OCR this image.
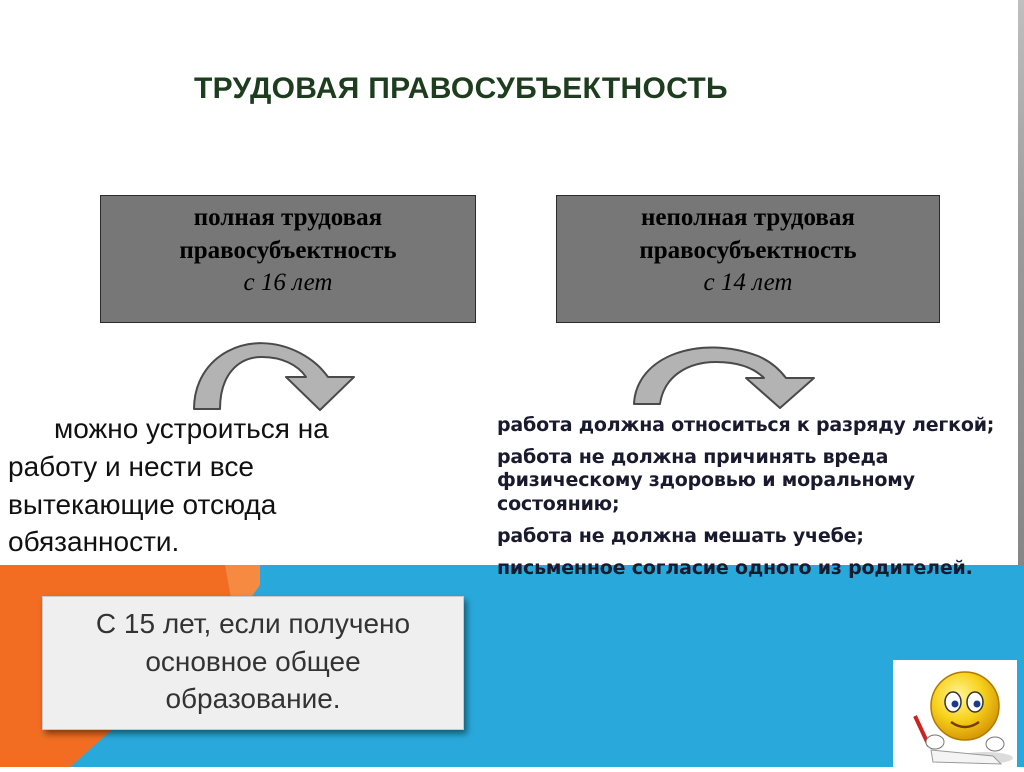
ТРУДОВАЯ ПРАВОСУБЪЕКТНОСТЬ
полная трудовая
правосубъектность
с 16 лет
неполная трудовая
правосубъектность
с 14 лет
можно устроиться на
работу и нести все
вытекающие отсюда
обязанности.

работа должна относиться к разряду легкой;

работа не должна причинять вреда физическому здоровью и моральному состоянию;

работа не должна мешать учебе;

письменное согласие одного из родителей.

С 15 лет, если получено
основное общее
образование.
